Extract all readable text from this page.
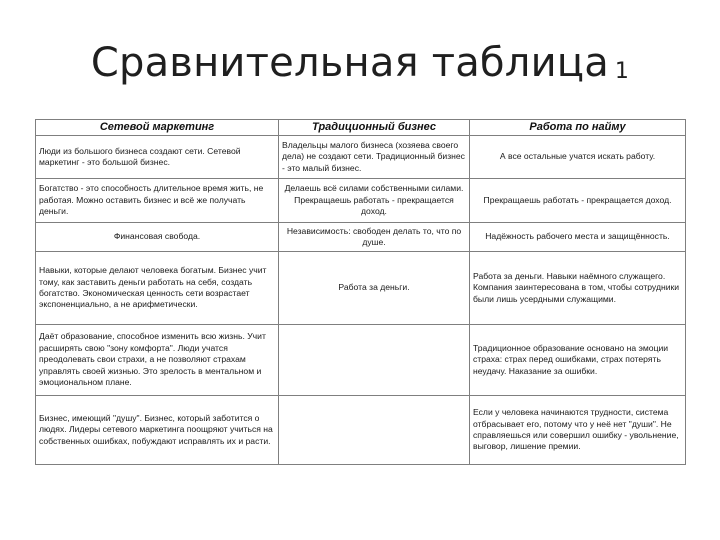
Сравнительная таблица 1
Сетевой маркетинг	Традиционный бизнес	Работа по найму
Люди из большого бизнеса создают сети. Сетевой маркетинг - это большой бизнес.	Владельцы малого бизнеса (хозяева своего дела) не создают сети. Традиционный бизнес - это малый бизнес.	А все остальные учатся искать работу.
Богатство - это способность длительное время жить, не работая. Можно оставить бизнес и всё же получать деньги.	Делаешь всё силами собственными силами. Прекращаешь работать - прекращается доход.	Прекращаешь работать - прекращается доход.
Финансовая свобода.	Независимость: свободен делать то, что по душе.	Надёжность рабочего места и защищённость.
Навыки, которые делают человека богатым. Бизнес учит тому, как заставить деньги работать на себя, создать богатство. Экономическая ценность сети возрастает экспоненциально, а не арифметически.	Работа за деньги.	Работа за деньги. Навыки наёмного служащего. Компания заинтересована в том, чтобы сотрудники были лишь усердными служащими.
Даёт образование, способное изменить всю жизнь. Учит расширять свою "зону комфорта". Люди учатся преодолевать свои страхи, а не позволяют страхам управлять своей жизнью. Это зрелость в ментальном и эмоциональном плане.		Традиционное образование основано на эмоции страха: страх перед ошибками, страх потерять неудачу. Наказание за ошибки.
Бизнес, имеющий "душу". Бизнес, который заботится о людях. Лидеры сетевого маркетинга поощряют учиться на собственных ошибках, побуждают исправлять их и расти.		Если у человека начинаются трудности, система отбрасывает его, потому что у неё нет "души". Не справляешься или совершил ошибку - увольнение, выговор, лишение премии.
